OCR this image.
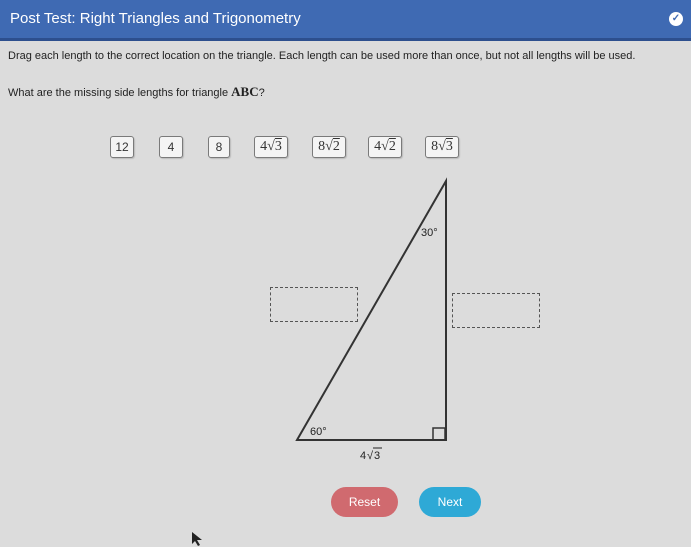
Post Test: Right Triangles and Trigonometry	✓
Drag each length to the correct location on the triangle. Each length can be used more than once, but not all lengths will be used.
What are the missing side lengths for triangle ABC?
12	4	8	4√3	8√2	4√2	8√3
30°
60°
4 √ 3
Reset	Next
